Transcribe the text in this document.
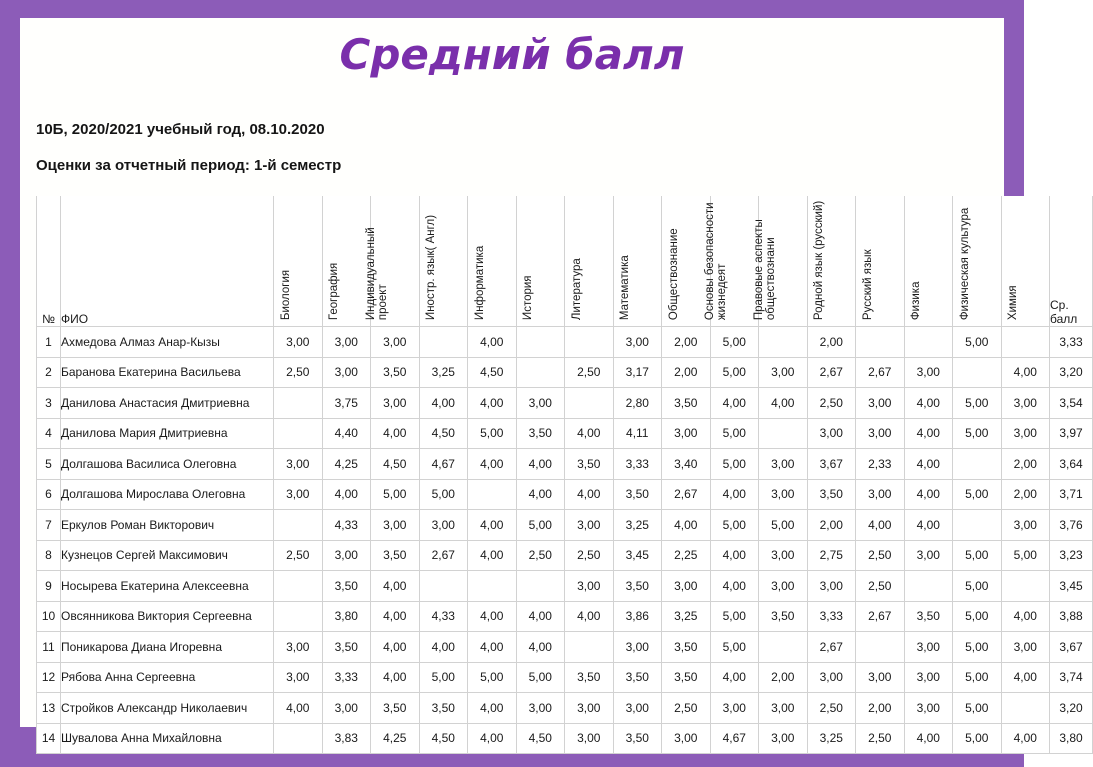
Средний балл
10Б, 2020/2021 учебный год, 08.10.2020
Оценки за отчетный период: 1-й семестр
№	ФИО	Биология	География	Индивидуальный проект	Иностр. язык( Англ)	Информатика	История	Литература	Математика	Обществознание	Основы безопасности жизнедеят	Правовые аспекты обществознани	Родной язык (русский)	Русский язык	Физика	Физическая культура	Химия	Ср. балл
1	Ахмедова Алмаз Анар-Кызы	3,00	3,00	3,00		4,00			3,00	2,00	5,00		2,00			5,00		3,33
2	Баранова Екатерина Васильева	2,50	3,00	3,50	3,25	4,50		2,50	3,17	2,00	5,00	3,00	2,67	2,67	3,00		4,00	3,20
3	Данилова Анастасия Дмитриевна		3,75	3,00	4,00	4,00	3,00		2,80	3,50	4,00	4,00	2,50	3,00	4,00	5,00	3,00	3,54
4	Данилова Мария Дмитриевна		4,40	4,00	4,50	5,00	3,50	4,00	4,11	3,00	5,00		3,00	3,00	4,00	5,00	3,00	3,97
5	Долгашова Василиса Олеговна	3,00	4,25	4,50	4,67	4,00	4,00	3,50	3,33	3,40	5,00	3,00	3,67	2,33	4,00		2,00	3,64
6	Долгашова Мирослава Олеговна	3,00	4,00	5,00	5,00		4,00	4,00	3,50	2,67	4,00	3,00	3,50	3,00	4,00	5,00	2,00	3,71
7	Еркулов Роман Викторович		4,33	3,00	3,00	4,00	5,00	3,00	3,25	4,00	5,00	5,00	2,00	4,00	4,00		3,00	3,76
8	Кузнецов Сергей Максимович	2,50	3,00	3,50	2,67	4,00	2,50	2,50	3,45	2,25	4,00	3,00	2,75	2,50	3,00	5,00	5,00	3,23
9	Носырева Екатерина Алексеевна		3,50	4,00				3,00	3,50	3,00	4,00	3,00	3,00	2,50		5,00		3,45
10	Овсянникова Виктория Сергеевна		3,80	4,00	4,33	4,00	4,00	4,00	3,86	3,25	5,00	3,50	3,33	2,67	3,50	5,00	4,00	3,88
11	Поникарова Диана Игоревна	3,00	3,50	4,00	4,00	4,00	4,00		3,00	3,50	5,00		2,67		3,00	5,00	3,00	3,67
12	Рябова Анна Сергеевна	3,00	3,33	4,00	5,00	5,00	5,00	3,50	3,50	3,50	4,00	2,00	3,00	3,00	3,00	5,00	4,00	3,74
13	Стройков Александр Николаевич	4,00	3,00	3,50	3,50	4,00	3,00	3,00	3,00	2,50	3,00	3,00	2,50	2,00	3,00	5,00		3,20
14	Шувалова Анна Михайловна		3,83	4,25	4,50	4,00	4,50	3,00	3,50	3,00	4,67	3,00	3,25	2,50	4,00	5,00	4,00	3,80
